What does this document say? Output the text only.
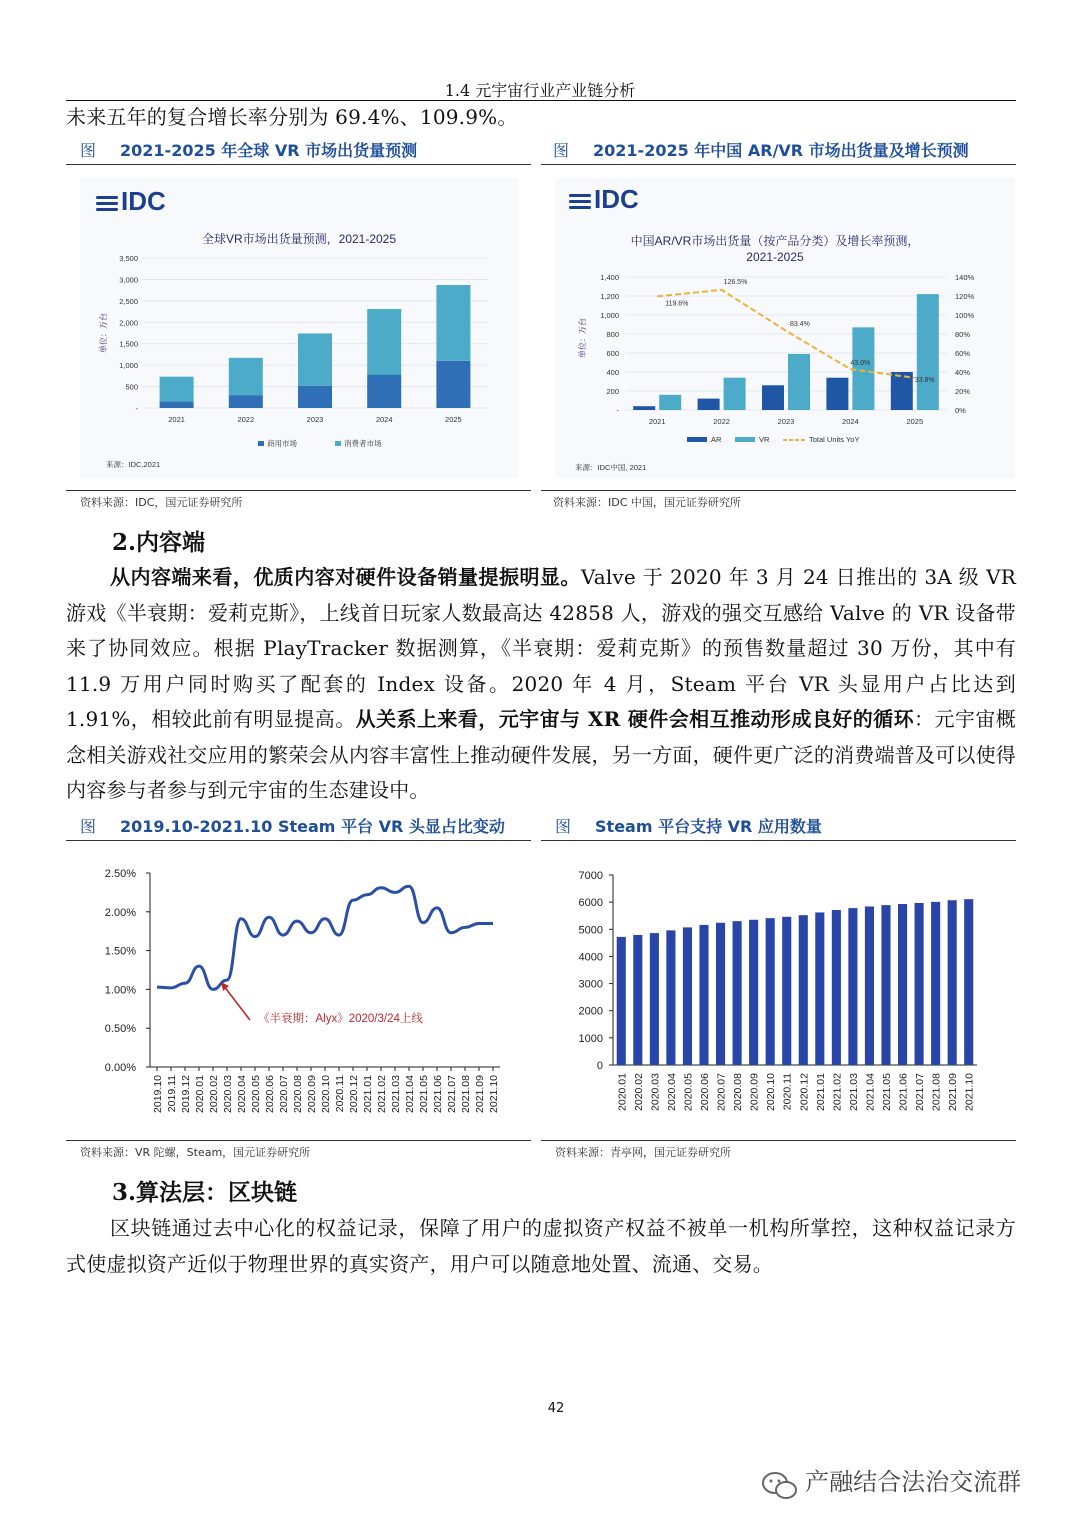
1.4 元宇宙行业产业链分析
未来五年的复合增长率分别为 69.4%、109.9%。
图 2021-2025 年全球 VR 市场出货量预测	图 2021-2025 年中国 AR/VR 市场出货量及增长预测
IDC
全球VR市场出货量预测，2021-2025
3,500
3,000
2,500
2,000
1,500
1,000
500
-
2021	2022	2023	2024	2025
单位：万台
商用市场	消费者市场
来源：IDC,2021
IDC
中国AR/VR市场出货量（按产品分类）及增长率预测，
2021-2025
119.6%
126.5%
83.4%
43.0%
33.8%
1,400
1,200
1,000
800
600
400
200
-
140%
120%
100%
80%
60%
40%
20%
0%
2021	2022	2023	2024	2025
单位：万台
AR	VR	Total Units YoY
来源：IDC中国, 2021
资料来源：IDC，国元证券研究所	资料来源：IDC 中国，国元证券研究所
2.内容端
从内容端来看，优质内容对硬件设备销量提振明显。Valve 于 2020 年 3 月 24 日推出的 3A 级 VR 游戏《半衰期：爱莉克斯》，上线首日玩家人数最高达 42858 人，游戏的强交互感给 Valve 的 VR 设备带来了协同效应。根据 PlayTracker 数据测算，《半衰期：爱莉克斯》的预售数量超过 30 万份，其中有 11.9 万用户同时购买了配套的 Index 设备。2020 年 4 月，Steam 平台 VR 头显用户占比达到 1.91%，相较此前有明显提高。从关系上来看，元宇宙与 XR 硬件会相互推动形成良好的循环：元宇宙概念相关游戏社交应用的繁荣会从内容丰富性上推动硬件发展，另一方面，硬件更广泛的消费端普及可以使得内容参与者参与到元宇宙的生态建设中。
图 2019.10-2021.10 Steam 平台 VR 头显占比变动	图 Steam 平台支持 VR 应用数量
2.50%
2.00%
1.50%
1.00%
0.50%
0.00%
2019.10 2019.11 2019.12 2020.01 2020.02 2020.03 2020.04 2020.05 2020.06 2020.07 2020.08 2020.09 2020.10 2020.11 2020.12 2021.01 2021.02 2021.03 2021.04 2021.05 2021.06 2021.07 2021.08 2021.09 2021.10
《半衰期：Alyx》2020/3/24上线
7000
6000
5000
4000
3000
2000
1000
0
2020.01 2020.02 2020.03 2020.04 2020.05 2020.06 2020.07 2020.08 2020.09 2020.10 2020.11 2020.12 2021.01 2021.02 2021.03 2021.04 2021.05 2021.06 2021.07 2021.08 2021.09 2021.10
资料来源：VR 陀螺，Steam，国元证券研究所	资料来源：青亭网，国元证券研究所
3.算法层：区块链
区块链通过去中心化的权益记录，保障了用户的虚拟资产权益不被单一机构所掌控，这种权益记录方式使虚拟资产近似于物理世界的真实资产，用户可以随意地处置、流通、交易。
42
产融结合法治交流群
